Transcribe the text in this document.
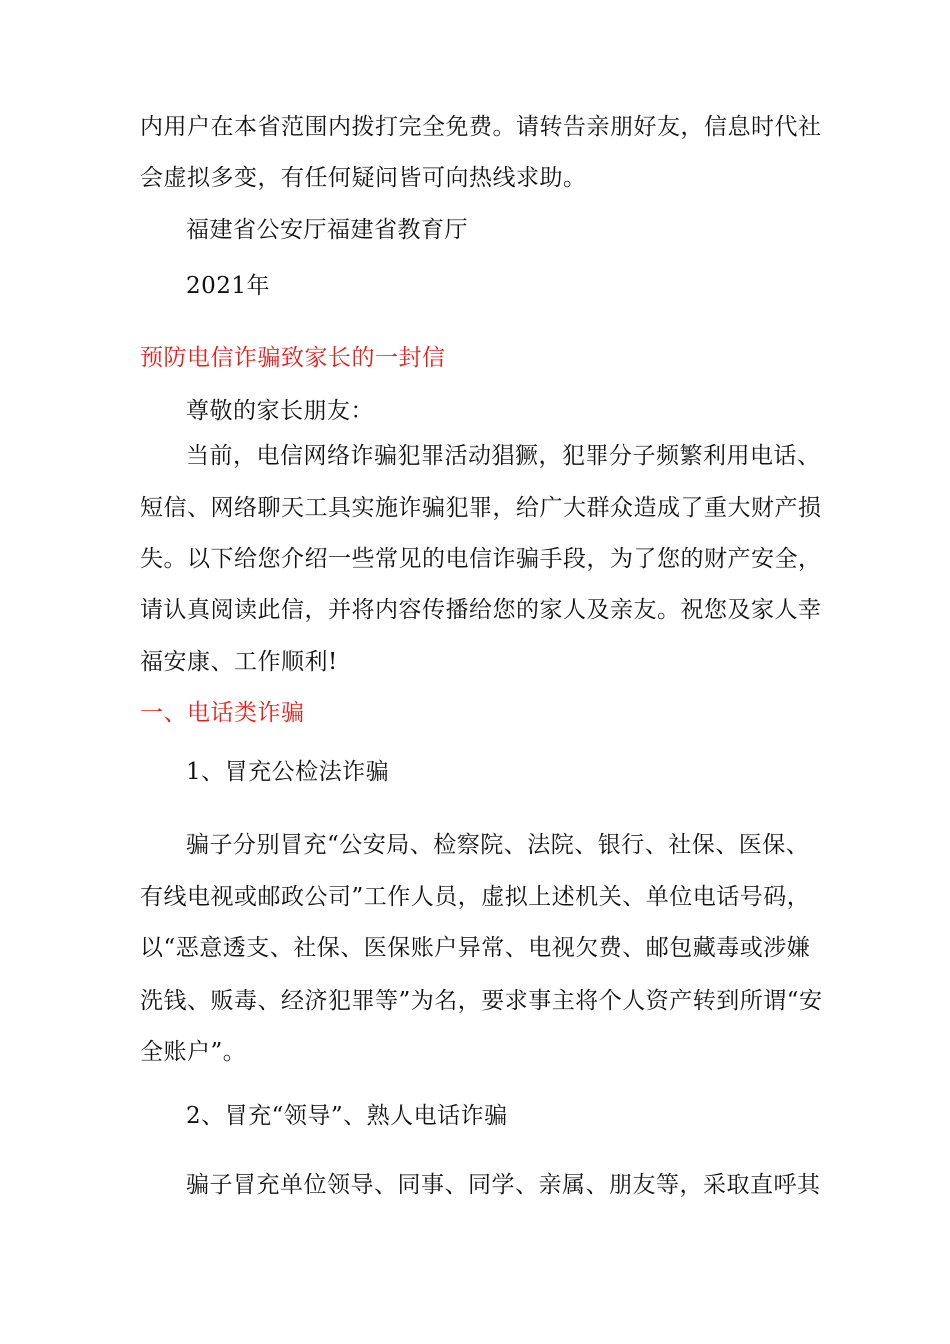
内用户在本省范围内拨打完全免费。请转告亲朋好友，信息时代社
会虚拟多变，有任何疑问皆可向热线求助。
福建省公安厅福建省教育厅
2021年
预防电信诈骗致家长的一封信
尊敬的家长朋友：
当前，电信网络诈骗犯罪活动猖獗，犯罪分子频繁利用电话、
短信、网络聊天工具实施诈骗犯罪，给广大群众造成了重大财产损
失。以下给您介绍一些常见的电信诈骗手段，为了您的财产安全，
请认真阅读此信，并将内容传播给您的家人及亲友。祝您及家人幸
福安康、工作顺利!
一、电话类诈骗
1、冒充公检法诈骗
骗子分别冒充“公安局、检察院、法院、银行、社保、医保、
有线电视或邮政公司”工作人员，虚拟上述机关、单位电话号码，
以“恶意透支、社保、医保账户异常、电视欠费、邮包藏毒或涉嫌
洗钱、贩毒、经济犯罪等”为名，要求事主将个人资产转到所谓“安
全账户”。
2、冒充“领导”、熟人电话诈骗
骗子冒充单位领导、同事、同学、亲属、朋友等，采取直呼其
